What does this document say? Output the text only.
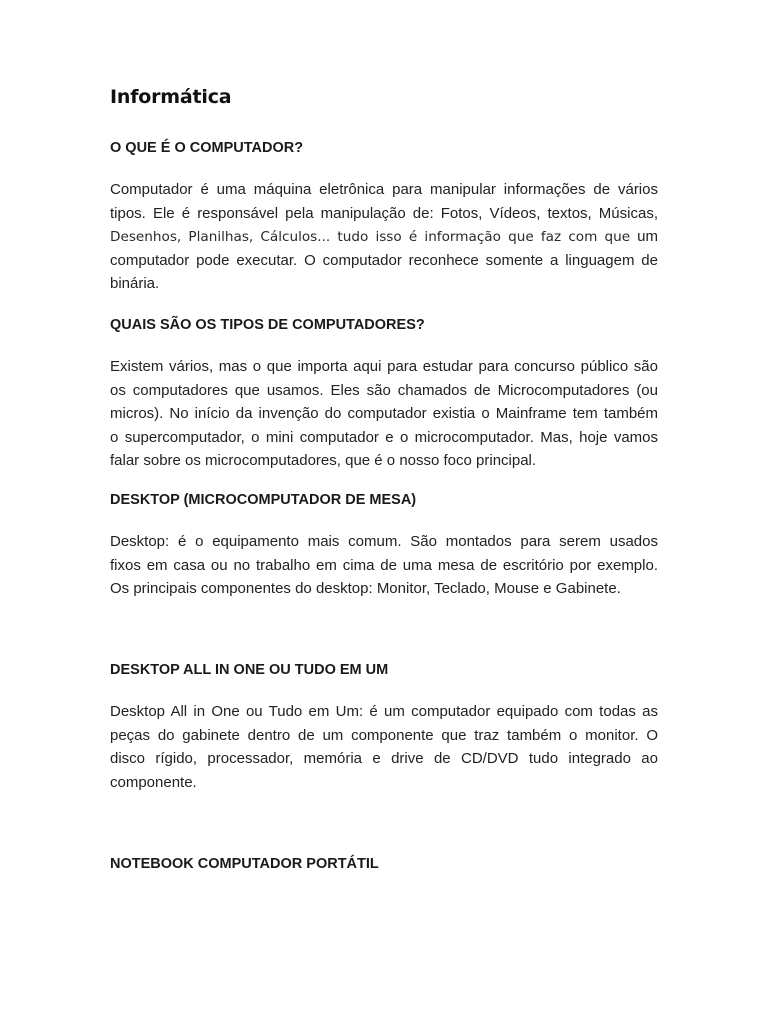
Informática
O QUE É O COMPUTADOR?
Computador é uma máquina eletrônica para manipular informações de vários
tipos. Ele é responsável pela manipulação de: Fotos, Vídeos, textos, Músicas,
Desenhos, Planilhas, Cálculos... tudo isso é informação que faz com que um
computador pode executar. O computador reconhece somente a linguagem de
binária.
QUAIS SÃO OS TIPOS DE COMPUTADORES?
Existem vários, mas o que importa aqui para estudar para concurso público são
os computadores que usamos. Eles são chamados de Microcomputadores (ou
micros). No início da invenção do computador existia o Mainframe tem também
o supercomputador, o mini computador e o microcomputador. Mas, hoje vamos
falar sobre os microcomputadores, que é o nosso foco principal.
DESKTOP (MICROCOMPUTADOR DE MESA)
Desktop: é o equipamento mais comum. São montados para serem usados
fixos em casa ou no trabalho em cima de uma mesa de escritório por exemplo.
Os principais componentes do desktop: Monitor, Teclado, Mouse e Gabinete.
DESKTOP ALL IN ONE OU TUDO EM UM
Desktop All in One ou Tudo em Um: é um computador equipado com todas as
peças do gabinete dentro de um componente que traz também o monitor. O
disco rígido, processador, memória e drive de CD/DVD tudo integrado ao
componente.
NOTEBOOK COMPUTADOR PORTÁTIL
